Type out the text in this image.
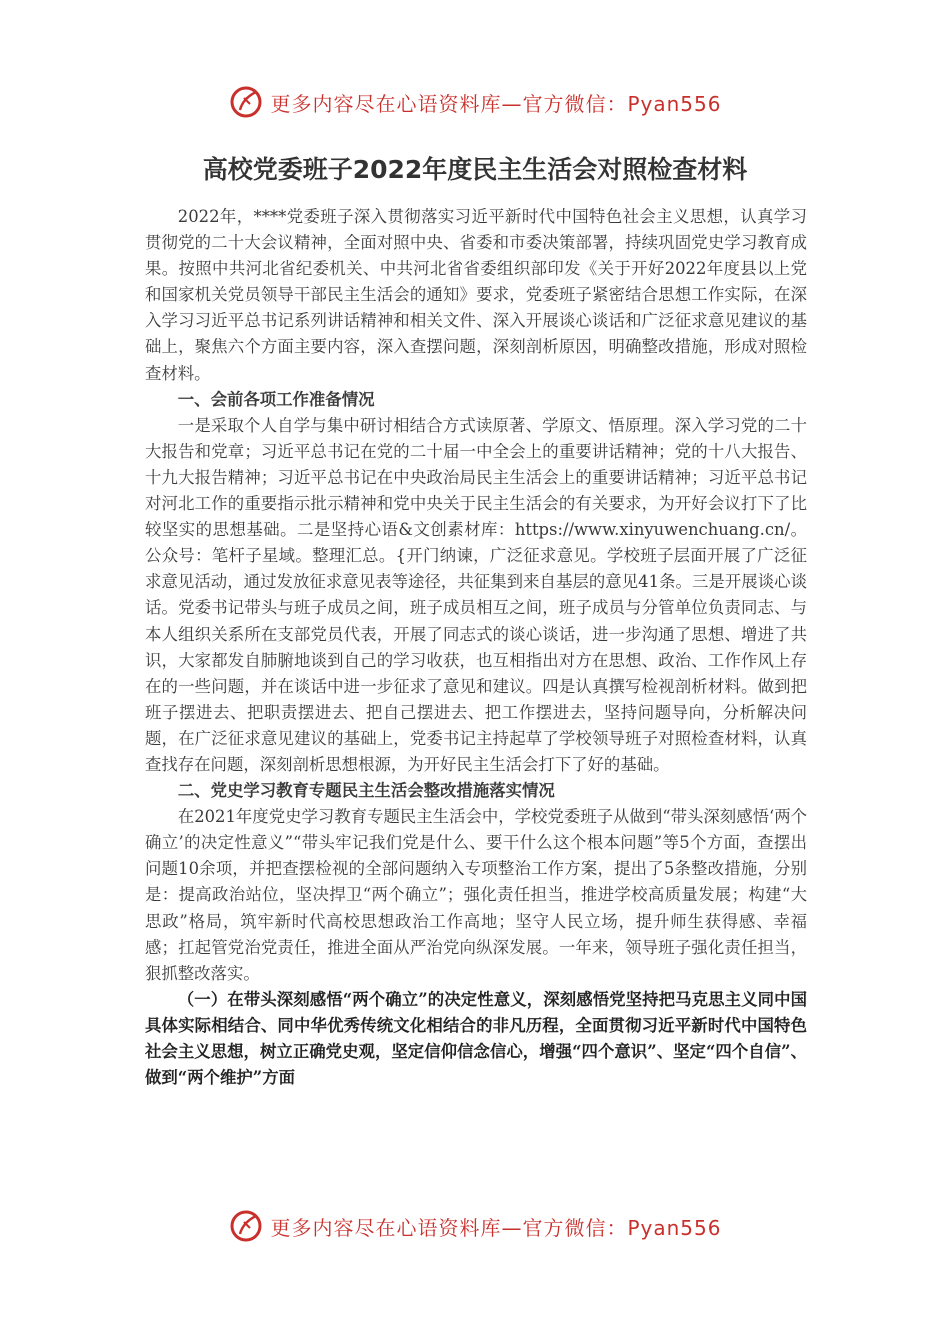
更多内容尽在心语资料库—官方微信：Pyan556
高校党委班子2022年度民主生活会对照检查材料

2022年，****党委班子深入贯彻落实习近平新时代中国特色社会主义思想，认真学习贯彻党的二十大会议精神，全面对照中央、省委和市委决策部署，持续巩固党史学习教育成果。按照中共河北省纪委机关、中共河北省省委组织部印发《关于开好2022年度县以上党和国家机关党员领导干部民主生活会的通知》要求，党委班子紧密结合思想工作实际，在深入学习习近平总书记系列讲话精神和相关文件、深入开展谈心谈话和广泛征求意见建议的基础上，聚焦六个方面主要内容，深入查摆问题，深刻剖析原因，明确整改措施，形成对照检查材料。

一、会前各项工作准备情况

一是采取个人自学与集中研讨相结合方式读原著、学原文、悟原理。深入学习党的二十大报告和党章；习近平总书记在党的二十届一中全会上的重要讲话精神；党的十八大报告、十九大报告精神；习近平总书记在中央政治局民主生活会上的重要讲话精神；习近平总书记对河北工作的重要指示批示精神和党中央关于民主生活会的有关要求，为开好会议打下了比较坚实的思想基础。二是坚持心语&文创素材库：https://www.xinyuwenchuang.cn/。公众号：笔杆子星域。整理汇总。{开门纳谏，广泛征求意见。学校班子层面开展了广泛征求意见活动，通过发放征求意见表等途径，共征集到来自基层的意见41条。三是开展谈心谈话。党委书记带头与班子成员之间，班子成员相互之间，班子成员与分管单位负责同志、与本人组织关系所在支部党员代表，开展了同志式的谈心谈话，进一步沟通了思想、增进了共识，大家都发自肺腑地谈到自己的学习收获，也互相指出对方在思想、政治、工作作风上存在的一些问题，并在谈话中进一步征求了意见和建议。四是认真撰写检视剖析材料。做到把班子摆进去、把职责摆进去、把自己摆进去、把工作摆进去，坚持问题导向，分析解决问题，在广泛征求意见建议的基础上，党委书记主持起草了学校领导班子对照检查材料，认真查找存在问题，深刻剖析思想根源，为开好民主生活会打下了好的基础。

二、党史学习教育专题民主生活会整改措施落实情况

在2021年度党史学习教育专题民主生活会中，学校党委班子从做到“带头深刻感悟‘两个确立’的决定性意义”“带头牢记我们党是什么、要干什么这个根本问题”等5个方面，查摆出问题10余项，并把查摆检视的全部问题纳入专项整治工作方案，提出了5条整改措施，分别是：提高政治站位，坚决捍卫“两个确立”；强化责任担当，推进学校高质量发展；构建“大思政”格局，筑牢新时代高校思想政治工作高地；坚守人民立场，提升师生获得感、幸福感；扛起管党治党责任，推进全面从严治党向纵深发展。一年来，领导班子强化责任担当，狠抓整改落实。

（一）在带头深刻感悟“两个确立”的决定性意义，深刻感悟党坚持把马克思主义同中国具体实际相结合、同中华优秀传统文化相结合的非凡历程，全面贯彻习近平新时代中国特色社会主义思想，树立正确党史观，坚定信仰信念信心，增强“四个意识”、坚定“四个自信”、做到“两个维护”方面

更多内容尽在心语资料库—官方微信：Pyan556
